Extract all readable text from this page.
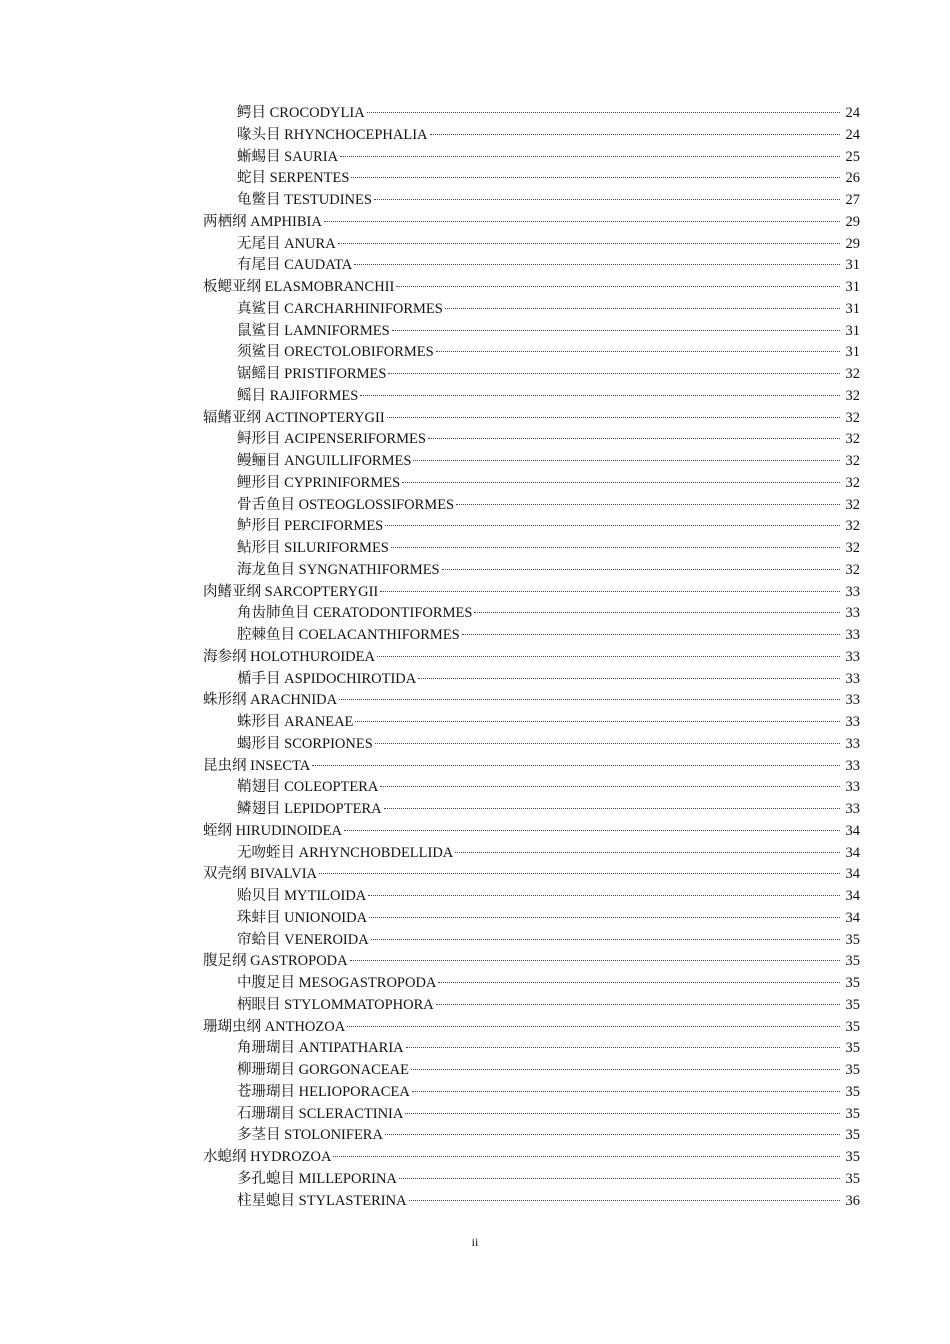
鳄目 CROCODYLIA	24
喙头目 RHYNCHOCEPHALIA	24
蜥蜴目 SAURIA	25
蛇目 SERPENTES	26
龟鳖目 TESTUDINES	27
两栖纲 AMPHIBIA	29
无尾目 ANURA	29
有尾目 CAUDATA	31
板鳃亚纲 ELASMOBRANCHII	31
真鲨目 CARCHARHINIFORMES	31
鼠鲨目 LAMNIFORMES	31
须鲨目 ORECTOLOBIFORMES	31
锯鳐目 PRISTIFORMES	32
鳐目 RAJIFORMES	32
辐鳍亚纲 ACTINOPTERYGII	32
鲟形目 ACIPENSERIFORMES	32
鳗鲡目 ANGUILLIFORMES	32
鲤形目 CYPRINIFORMES	32
骨舌鱼目 OSTEOGLOSSIFORMES	32
鲈形目 PERCIFORMES	32
鲇形目 SILURIFORMES	32
海龙鱼目 SYNGNATHIFORMES	32
肉鳍亚纲 SARCOPTERYGII	33
角齿肺鱼目 CERATODONTIFORMES	33
腔棘鱼目 COELACANTHIFORMES	33
海参纲 HOLOTHUROIDEA	33
楯手目 ASPIDOCHIROTIDA	33
蛛形纲 ARACHNIDA	33
蛛形目 ARANEAE	33
蝎形目 SCORPIONES	33
昆虫纲 INSECTA	33
鞘翅目 COLEOPTERA	33
鳞翅目 LEPIDOPTERA	33
蛭纲 HIRUDINOIDEA	34
无吻蛭目 ARHYNCHOBDELLIDA	34
双壳纲 BIVALVIA	34
贻贝目 MYTILOIDA	34
珠蚌目 UNIONOIDA	34
帘蛤目 VENEROIDA	35
腹足纲 GASTROPODA	35
中腹足目 MESOGASTROPODA	35
柄眼目 STYLOMMATOPHORA	35
珊瑚虫纲 ANTHOZOA	35
角珊瑚目 ANTIPATHARIA	35
柳珊瑚目 GORGONACEAE	35
苍珊瑚目 HELIOPORACEA	35
石珊瑚目 SCLERACTINIA	35
多茎目 STOLONIFERA	35
水螅纲 HYDROZOA	35
多孔螅目 MILLEPORINA	35
柱星螅目 STYLASTERINA	36
ii
